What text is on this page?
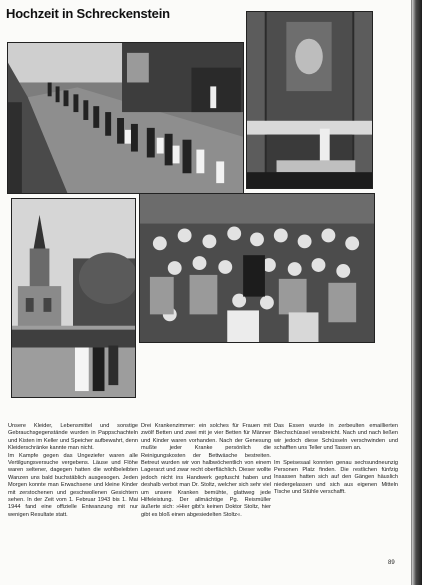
Hochzeit in Schreckenstein

Unsere Kleider, Lebensmittel und sonstige Gebrauchsgegenstände wurden in Pappschachteln und Kisten im Keller und Speicher aufbewahrt, denn Kleiderschränke kannte man nicht.

Im Kampfe gegen das Ungeziefer waren alle Vertilgungsversuche vergebens. Läuse und Flöhe waren seltener, dagegen hatten die wohlbeleibten Wanzen uns bald buchstäblich ausgesogen. Jeden Morgen konnte man Erwachsene und kleine Kinder mit zerstochenen und geschwollenen Gesichtern sehen. In der Zeit vom 1. Februar 1943 bis 1. Mai 1944 fand eine offizielle Entwanzung mit nur wenigen Resultate statt.

Drei Krankenzimmer: ein solches für Frauen mit zwölf Betten und zwei mit je vier Betten für Männer und Kinder waren vorhanden. Nach der Genesung mußte jeder Kranke persönlich die Reinigungskosten der Bettwäsche bestreiten. Betreut wurden wir von halbwöchentlich von einem Lagerarzt und zwar recht oberflächlich. Dieser wollte jedoch nicht ins Handwerk gepfuscht haben und deshalb verbot man Dr. Stoltz, welcher sich sehr viel um unsere Kranken bemühte, glattweg jede Hilfeleistung. Der allmächtige Pg. Reismüller äußerte sich: »Hier gibt's keinen Doktor Stoltz, hier gibt es bloß einen abgesiedelten Stoltz«.

Das Essen wurde in zerbeulten emaillierten Blechschüssel verabreicht. Nach und nach ließen wir jedoch diese Schüsseln verschwinden und schafften uns Teller und Tassen an.

Im Speisesaal konnten genau sechsundneunzig Personen Platz finden. Die restlichen fünfzig Insassen hatten sich auf den Gängen häuslich niedergelassen und sich aus eigenen Mitteln Tische und Stühle verschafft.

89
